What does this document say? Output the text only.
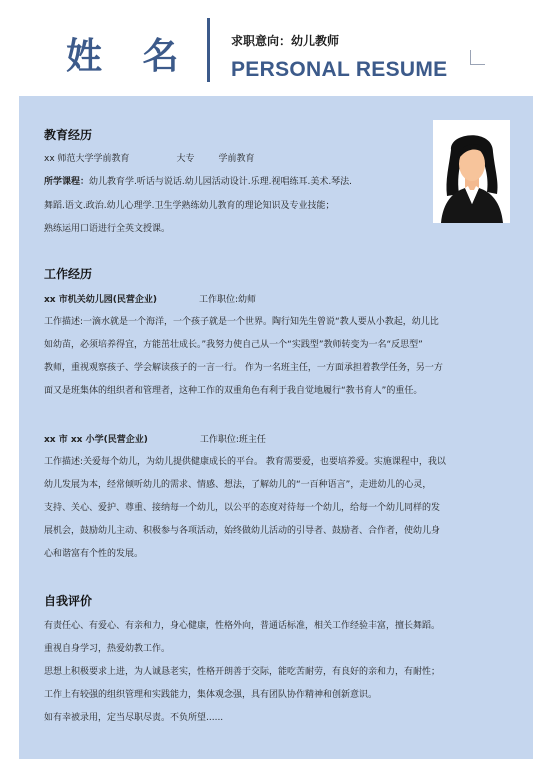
姓 名	求职意向：幼儿教师
PERSONAL RESUME
教育经历
xx 师范大学学前教育	大专	学前教育
所学课程：幼儿教育学.听话与说话.幼儿园活动设计.乐理.视唱练耳.美术.琴法.
舞蹈.语文.政治.幼儿心理学.卫生学熟练幼儿教育的理论知识及专业技能；
熟练运用口语进行全英文授课。
工作经历
xx 市机关幼儿园(民营企业)	工作职位:幼师
工作描述:一滴水就是一个海洋，一个孩子就是一个世界。陶行知先生曾说“教人要从小教起，幼儿比
如幼苗，必须培养得宜，方能茁壮成长。”我努力使自己从一个“实践型”教师转变为一名“反思型”
教师，重视观察孩子、学会解读孩子的一言一行。 作为一名班主任，一方面承担着教学任务，另一方
面又是班集体的组织者和管理者，这种工作的双重角色有利于我自觉地履行“教书育人”的重任。
xx 市 xx 小学(民营企业)	工作职位:班主任
工作描述:关爱每个幼儿，为幼儿提供健康成长的平台。 教育需要爱，也要培养爱。实施课程中，我以
幼儿发展为本，经常倾听幼儿的需求、情感、想法，了解幼儿的“一百种语言”，走进幼儿的心灵，
支持、关心、爱护、尊重、接纳每一个幼儿，以公平的态度对待每一个幼儿，给每一个幼儿同样的发
展机会，鼓励幼儿主动、积极参与各项活动，始终做幼儿活动的引导者、鼓励者、合作者，使幼儿身
心和谐富有个性的发展。
自我评价
有责任心、有爱心、有亲和力，身心健康，性格外向，普通话标准，相关工作经验丰富，擅长舞蹈。
重视自身学习，热爱幼教工作。
思想上积极要求上进，为人诚恳老实，性格开朗善于交际，能吃苦耐劳，有良好的亲和力，有耐性；
工作上有较强的组织管理和实践能力，集体观念强，具有团队协作精神和创新意识。
如有幸被录用，定当尽职尽责。不负所望......
